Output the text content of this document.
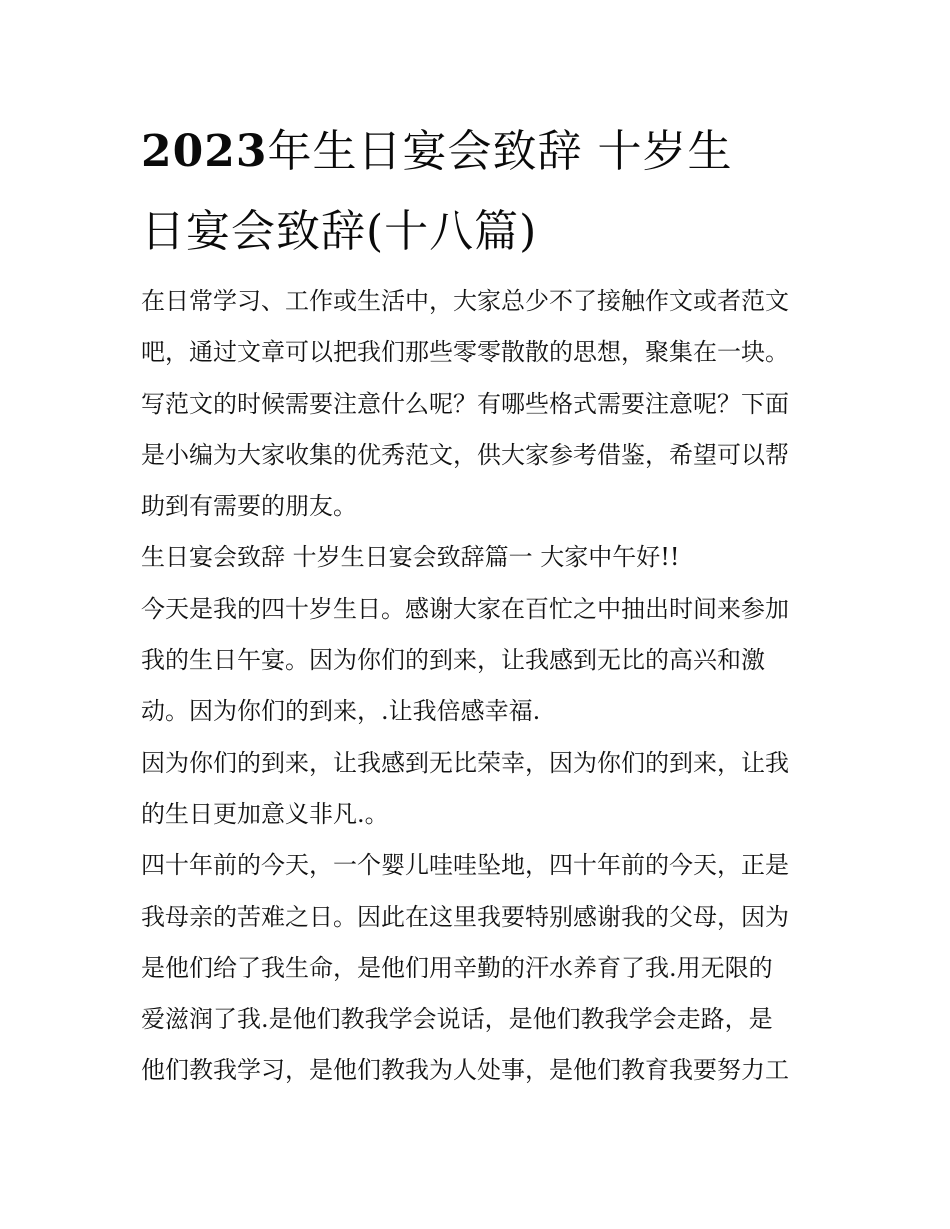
2023年生日宴会致辞 十岁生
日宴会致辞(十八篇)

在日常学习、工作或生活中，大家总少不了接触作文或者范文
吧，通过文章可以把我们那些零零散散的思想，聚集在一块。
写范文的时候需要注意什么呢？有哪些格式需要注意呢？下面
是小编为大家收集的优秀范文，供大家参考借鉴，希望可以帮
助到有需要的朋友。

生日宴会致辞 十岁生日宴会致辞篇一 大家中午好!!

今天是我的四十岁生日。感谢大家在百忙之中抽出时间来参加
我的生日午宴。因为你们的到来，让我感到无比的高兴和激
动。因为你们的到来，.让我倍感幸福.

因为你们的到来，让我感到无比荣幸，因为你们的到来，让我
的生日更加意义非凡.。

四十年前的今天，一个婴儿哇哇坠地，四十年前的今天，正是
我母亲的苦难之日。因此在这里我要特别感谢我的父母，因为
是他们给了我生命，是他们用辛勤的汗水养育了我.用无限的
爱滋润了我.是他们教我学会说话，是他们教我学会走路，是
他们教我学习，是他们教我为人处事，是他们教育我要努力工
